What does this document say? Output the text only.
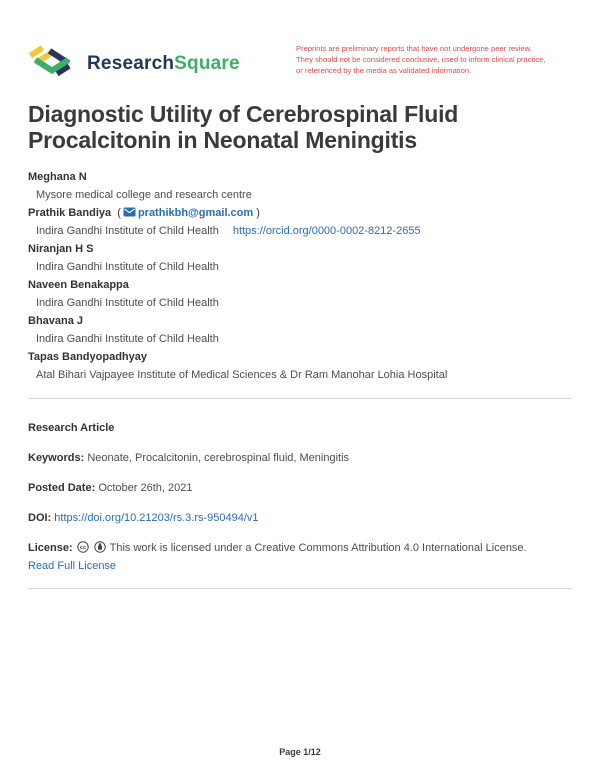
ResearchSquare
Preprints are preliminary reports that have not undergone peer review.
They should not be considered conclusive, used to inform clinical practice,
or referenced by the media as validated information.
Diagnostic Utility of Cerebrospinal Fluid Procalcitonin in Neonatal Meningitis
Meghana N
Mysore medical college and research centre
Prathik Bandiya  ( prathikbh@gmail.com )
Indira Gandhi Institute of Child Health https://orcid.org/0000-0002-8212-2655
Niranjan H S
Indira Gandhi Institute of Child Health
Naveen Benakappa
Indira Gandhi Institute of Child Health
Bhavana J
Indira Gandhi Institute of Child Health
Tapas Bandyopadhyay
Atal Bihari Vajpayee Institute of Medical Sciences & Dr Ram Manohar Lohia Hospital
Research Article
Keywords: Neonate, Procalcitonin, cerebrospinal fluid, Meningitis
Posted Date: October 26th, 2021
DOI: https://doi.org/10.21203/rs.3.rs-950494/v1
License: cc This work is licensed under a Creative Commons Attribution 4.0 International License.
Read Full License
Page 1/12
